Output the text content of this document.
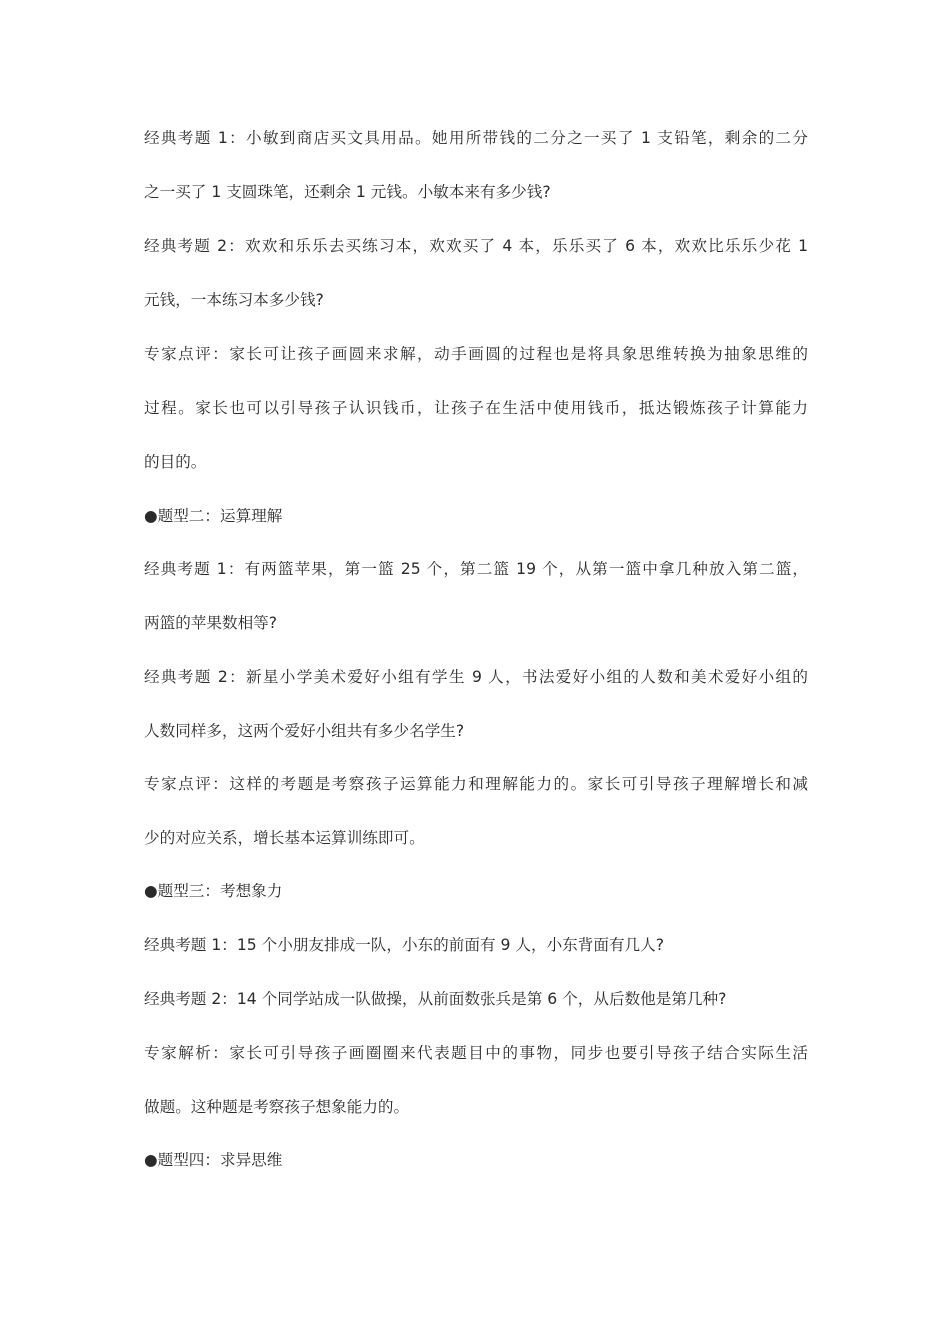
经典考题 1：小敏到商店买文具用品。她用所带钱的二分之一买了 1 支铅笔，剩余的二分
之一买了 1 支圆珠笔，还剩余 1 元钱。小敏本来有多少钱?
经典考题 2：欢欢和乐乐去买练习本，欢欢买了 4 本，乐乐买了 6 本，欢欢比乐乐少花 1
元钱，一本练习本多少钱?
专家点评：家长可让孩子画圆来求解，动手画圆的过程也是将具象思维转换为抽象思维的
过程。家长也可以引导孩子认识钱币，让孩子在生活中使用钱币，抵达锻炼孩子计算能力
的目的。
●题型二：运算理解
经典考题 1：有两篮苹果，第一篮 25 个，第二篮 19 个，从第一篮中拿几种放入第二篮，
两篮的苹果数相等?
经典考题 2：新星小学美术爱好小组有学生 9 人，书法爱好小组的人数和美术爱好小组的
人数同样多，这两个爱好小组共有多少名学生?
专家点评：这样的考题是考察孩子运算能力和理解能力的。家长可引导孩子理解增长和减
少的对应关系，增长基本运算训练即可。
●题型三：考想象力
经典考题 1：15 个小朋友排成一队，小东的前面有 9 人，小东背面有几人?
经典考题 2：14 个同学站成一队做操，从前面数张兵是第 6 个，从后数他是第几种?
专家解析：家长可引导孩子画圈圈来代表题目中的事物，同步也要引导孩子结合实际生活
做题。这种题是考察孩子想象能力的。
●题型四：求异思维
